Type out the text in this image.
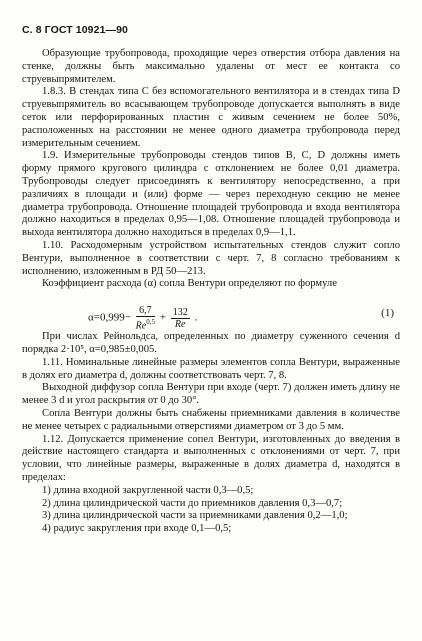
С. 8 ГОСТ 10921—90

Образующие трубопровода, проходящие через отверстия отбора давления на стенке, должны быть максимально удалены от мест ее контакта со струевыпрямителем.

1.8.3. В стендах типа С без вспомогательного вентилятора и в стендах типа D струевыпрямитель во всасывающем трубопроводе допускается выполнять в виде сеток или перфорированных пластин с живым сечением не более 50%, расположенных на расстоянии не менее одного диаметра трубопровода перед измерительным сечением.

1.9. Измерительные трубопроводы стендов типов В, С, D должны иметь форму прямого кругового цилиндра с отклонением не более 0,01 диаметра. Трубопроводы следует присоединять к вентилятору непосредственно, а при различиях в площади и (или) форме — через переходную секцию не менее диаметра трубопровода. Отношение площадей трубопровода и входа вентилятора должно находиться в пределах 0,95—1,08. Отношение площадей трубопровода и выхода вентилятора должно находиться в пределах 0,9—1,1.

1.10. Расходомерным устройством испытательных стендов служит сопло Вентури, выполненное в соответствии с черт. 7, 8 согласно требованиям к исполнению, изложенным в РД 50—213.

Коэффициент расхода (α) сопла Вентури определяют по формуле

$\alpha=0,999- \frac{6,7}{Re^{0,5}} + \frac{132}{Re}$ .	(1)

При числах Рейнольдса, определенных по диаметру суженного сечения d порядка 2·10⁵, α=0,985±0,005.

1.11. Номинальные линейные размеры элементов сопла Вентури, выраженные в долях его диаметра d, должны соответствовать черт. 7, 8.

Выходной диффузор сопла Вентури при входе (черт. 7) должен иметь длину не менее 3 d и угол раскрытия от 0 до 30°.

Сопла Вентури должны быть снабжены приемниками давления в количестве не менее четырех с радиальными отверстиями диаметром от 3 до 5 мм.

1.12. Допускается применение сопел Вентури, изготовленных до введения в действие настоящего стандарта и выполненных с отклонениями от черт. 7, при условии, что линейные размеры, выраженные в долях диаметра d, находятся в пределах:

1) длина входной закругленной части 0,3—0,5;

2) длина цилиндрической части до приемников давления 0,3—0,7;

3) длина цилиндрической части за приемниками давления 0,2—1,0;

4) радиус закругления при входе 0,1—0,5;
